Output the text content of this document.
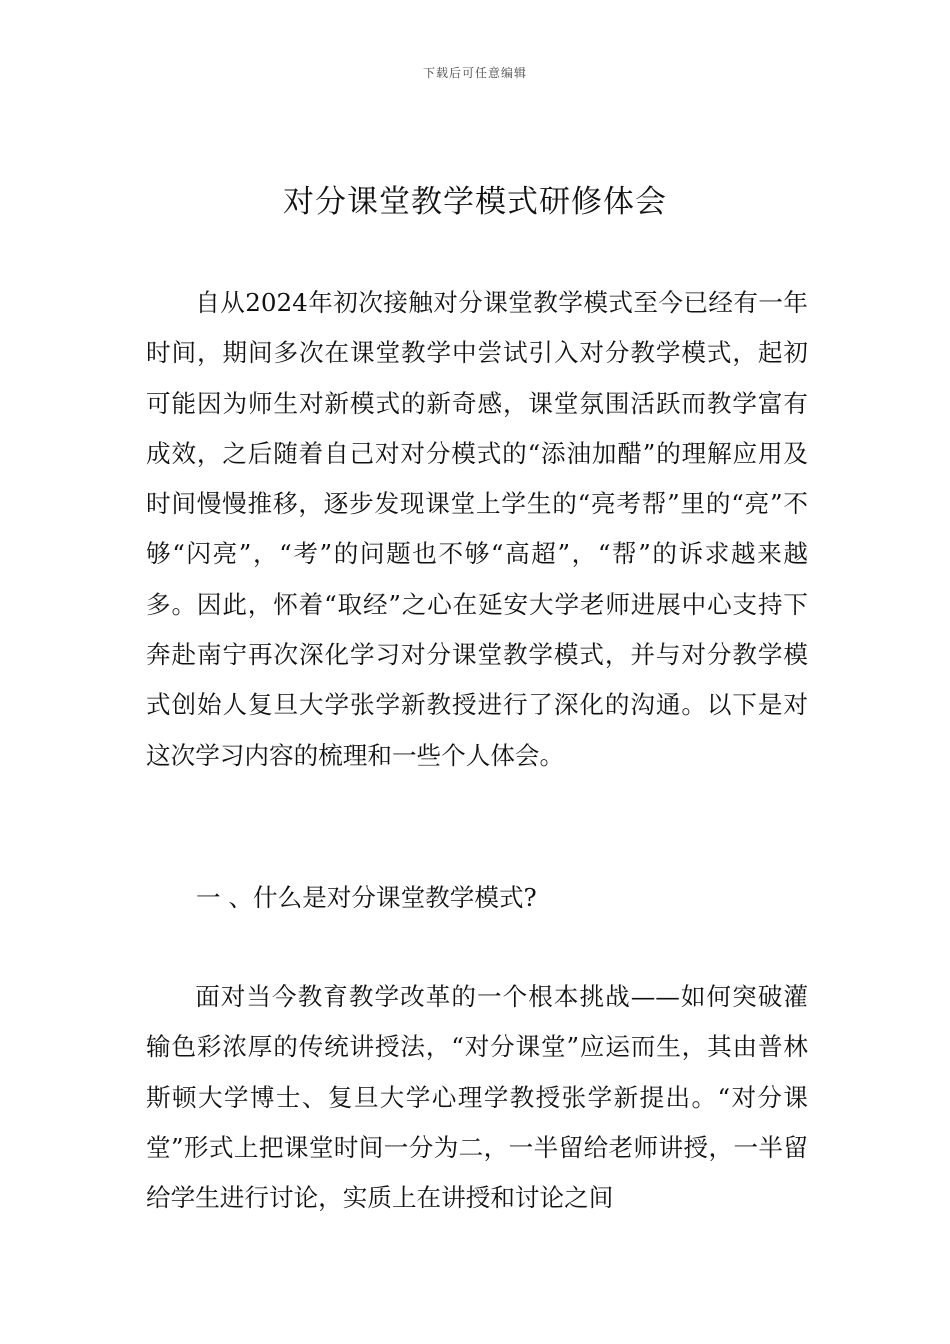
下载后可任意编辑
对分课堂教学模式研修体会

自从2024年初次接触对分课堂教学模式至今已经有一年时间，期间多次在课堂教学中尝试引入对分教学模式，起初可能因为师生对新模式的新奇感，课堂氛围活跃而教学富有成效，之后随着自己对对分模式的“添油加醋”的理解应用及时间慢慢推移，逐步发现课堂上学生的“亮考帮”里的“亮”不够“闪亮”，“考”的问题也不够“高超”，“帮”的诉求越来越多。因此，怀着“取经”之心在延安大学老师进展中心支持下奔赴南宁再次深化学习对分课堂教学模式，并与对分教学模式创始人复旦大学张学新教授进行了深化的沟通。以下是对这次学习内容的梳理和一些个人体会。

一 、什么是对分课堂教学模式?

面对当今教育教学改革的一个根本挑战——如何突破灌输色彩浓厚的传统讲授法，“对分课堂”应运而生，其由普林斯顿大学博士、复旦大学心理学教授张学新提出。“对分课堂”形式上把课堂时间一分为二，一半留给老师讲授，一半留给学生进行讨论，实质上在讲授和讨论之间
